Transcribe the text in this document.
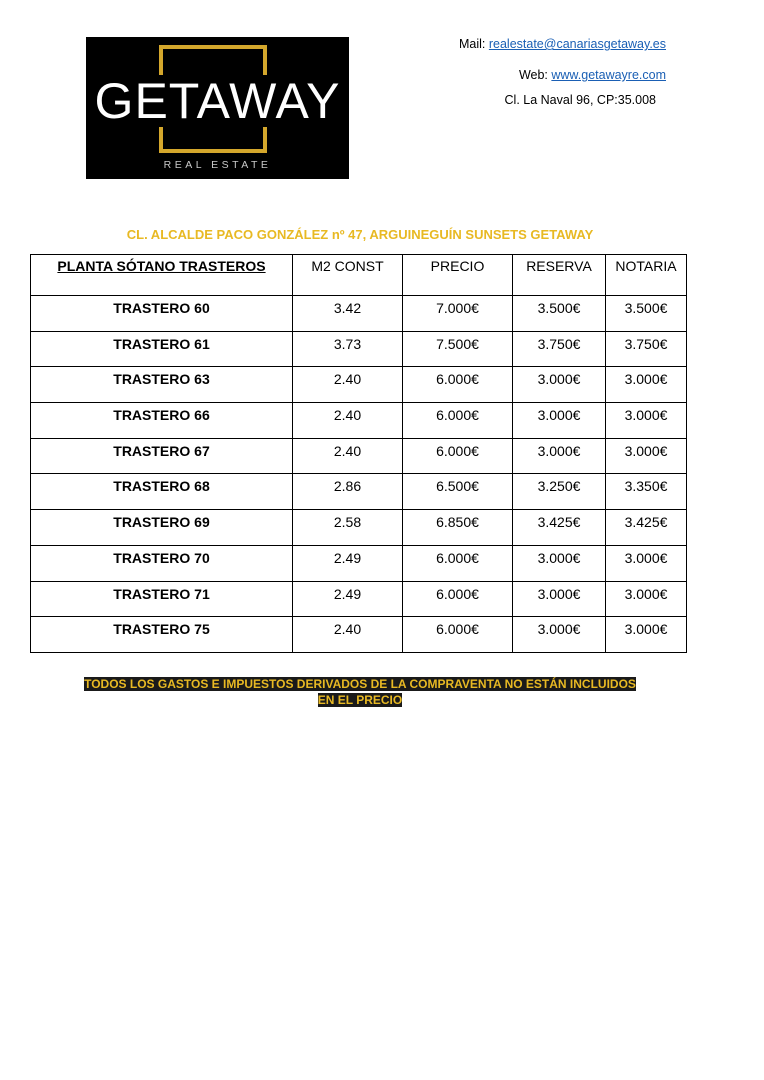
GETAWAY
REAL ESTATE
Mail: realestate@canariasgetaway.es
Web: www.getawayre.com
Cl. La Naval 96, CP:35.008
CL. ALCALDE PACO GONZÁLEZ nº 47, ARGUINEGUÍN SUNSETS GETAWAY
PLANTA SÓTANO TRASTEROS	M2 CONST	PRECIO	RESERVA	NOTARIA
TRASTERO 60	3.42	7.000€	3.500€	3.500€
TRASTERO 61	3.73	7.500€	3.750€	3.750€
TRASTERO 63	2.40	6.000€	3.000€	3.000€
TRASTERO 66	2.40	6.000€	3.000€	3.000€
TRASTERO 67	2.40	6.000€	3.000€	3.000€
TRASTERO 68	2.86	6.500€	3.250€	3.350€
TRASTERO 69	2.58	6.850€	3.425€	3.425€
TRASTERO 70	2.49	6.000€	3.000€	3.000€
TRASTERO 71	2.49	6.000€	3.000€	3.000€
TRASTERO 75	2.40	6.000€	3.000€	3.000€
TODOS LOS GASTOS E IMPUESTOS DERIVADOS DE LA COMPRAVENTA NO ESTÁN INCLUIDOS
EN EL PRECIO
